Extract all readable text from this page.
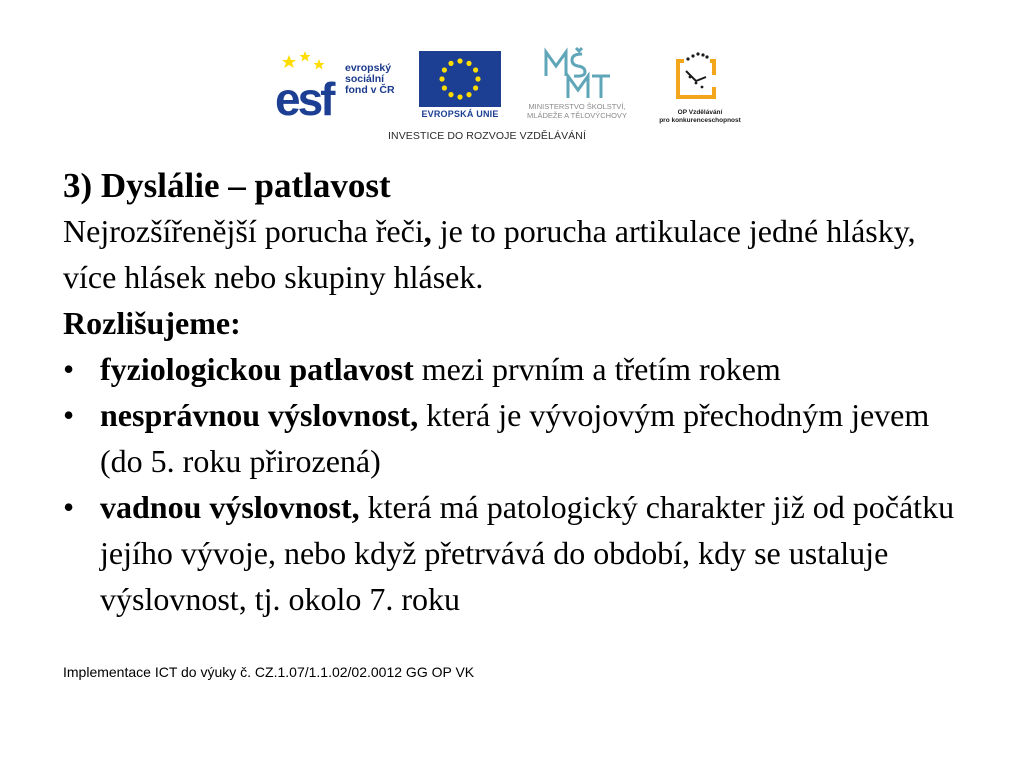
esf
evropský
sociální
fond v ČR
EVROPSKÁ UNIE
MINISTERSTVO ŠKOLSTVÍ,
MLÁDEŽE A TĚLOVÝCHOVY	OP Vzdělávání
pro konkurenceschopnost
INVESTICE DO ROZVOJE VZDĚLÁVÁNÍ
3) Dyslálie – patlavost

Nejrozšířenější porucha řeči, je to porucha artikulace jedné hlásky, více hlásek nebo skupiny hlásek.

Rozlišujeme:

• fyziologickou patlavost mezi prvním a třetím rokem
• nesprávnou výslovnost, která je vývojovým přechodným jevem (do 5. roku přirozená)
• vadnou výslovnost, která má patologický charakter již od počátku jejího vývoje, nebo když přetrvává do období, kdy se ustaluje výslovnost, tj. okolo 7. roku
Implementace ICT do výuky č. CZ.1.07/1.1.02/02.0012 GG OP VK
